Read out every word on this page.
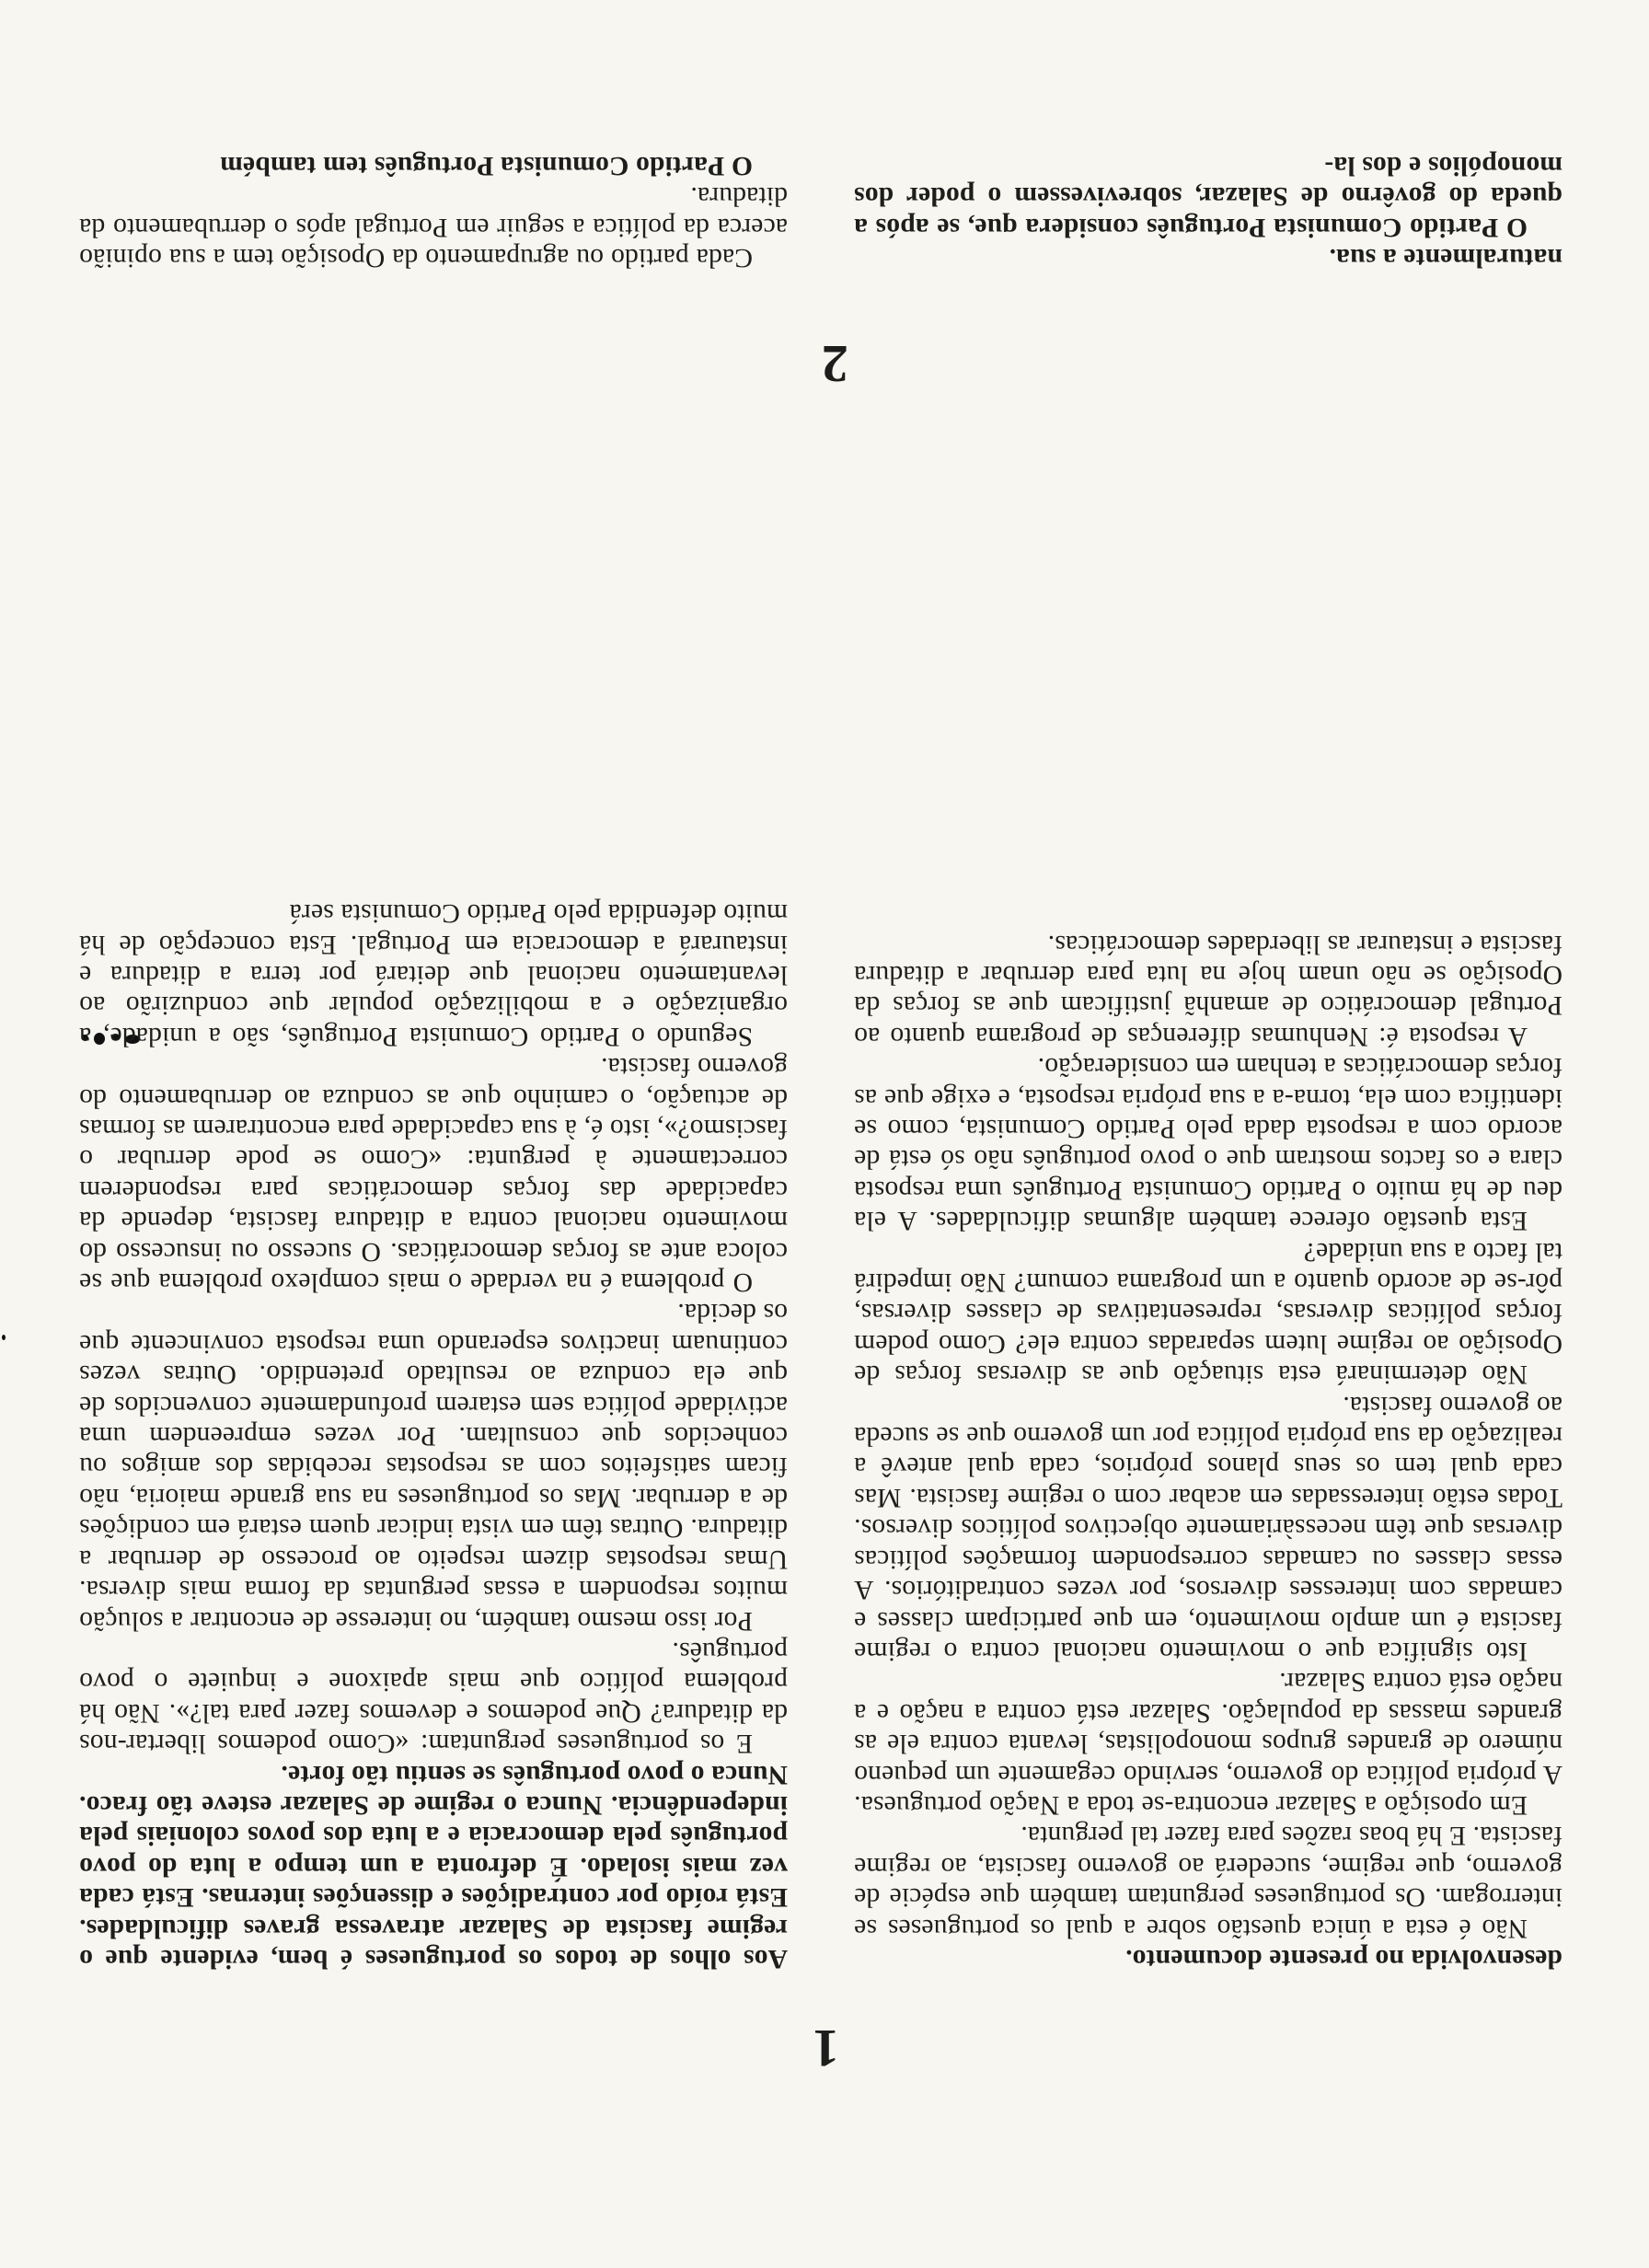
1

Aos olhos de todos os portugueses é bem, evidente que o regime fascista de Salazar atravessa graves dificuldades. Está roído por contradições e dissenções internas. Está cada vez mais isolado. É defronta a um tempo a luta do povo português pela democracia e a luta dos povos coloniais pela independência. Nunca o regime de Salazar esteve tão fraco. Nunca o povo português se sentiu tão forte.

E os portugueses perguntam: «Como podemos libertar-nos da ditadura? Que podemos e devemos fazer para tal?». Não há problema político que mais apaixone e inquiete o povo português.

Por isso mesmo também, no interesse de encontrar a solução muitos respondem a essas perguntas da forma mais diversa. Umas respostas dizem respeito ao processo de derrubar a ditadura. Outras têm em vista indicar quem estará em condições de a derrubar. Mas os portugueses na sua grande maioria, não ficam satisfeitos com as respostas recebidas dos amigos ou conhecidos que consultam. Por vezes empreendem uma actividade política sem estarem profundamente convencidos de que ela conduza ao resultado pretendido. Outras vezes continuam inactivos esperando uma resposta convincente que os decida.

O problema é na verdade o mais complexo problema que se coloca ante as forças democráticas. O sucesso ou insucesso do movimento nacional contra a ditadura fascista, depende da capacidade das forças democráticas para responderem correctamente à pergunta: «Como se pode derrubar o fascismo?», isto é, à sua capacidade para encontrarem as formas de actuação, o caminho que as conduza ao derrubamento do governo fascista.

Segundo o Partido Comunista Português, são a unidade, a organização e a mobilização popular que conduzirão ao levantamento nacional que deitará por terra a ditadura e instaurará a democracia em Portugal. Esta concepção de há muito defendida pelo Partido Comunista será

desenvolvida no presente documento.

Não é esta a única questão sobre a qual os portugueses se interrogam. Os portugueses perguntam também que espécie de governo, que regime, sucederá ao governo fascista, ao regime fascista. E há boas razões para fazer tal pergunta.

Em oposição a Salazar encontra-se toda a Nação portuguesa. A própria política do governo, servindo cegamente um pequeno número de grandes grupos monopolistas, levanta contra ele as grandes massas da população. Salazar está contra a nação e a nação está contra Salazar.

Isto significa que o movimento nacional contra o regime fascista é um amplo movimento, em que participam classes e camadas com interesses diversos, por vezes contraditórios. A essas classes ou camadas correspondem formações políticas diversas que têm necessàriamente objectivos políticos diversos. Todas estão interessadas em acabar com o regime fascista. Mas cada qual tem os seus planos próprios, cada qual antevê a realização da sua própria política por um governo que se suceda ao governo fascista.

Não determinará esta situação que as diversas forças de Oposição ao regime lutem separadas contra ele? Como podem forças políticas diversas, representativas de classes diversas, pôr-se de acordo quanto a um programa comum? Não impedirá tal facto a sua unidade?

Esta questão oferece também algumas dificuldades. A ela deu de há muito o Partido Comunista Português uma resposta clara e os factos mostram que o povo português não só está de acordo com a resposta dada pelo Partido Comunista, como se identifica com ela, torna-a a sua própria resposta, e exige que as forças democráticas a tenham em consideração.

A resposta é: Nenhumas diferenças de programa quanto ao Portugal democrático de amanhã justificam que as forças da Oposição se não unam hoje na luta para derrubar a ditadura fascista e instaurar as liberdades democráticas.

2

Cada partido ou agrupamento da Oposição tem a sua opinião acerca da política a seguir em Portugal após o derrubamento da ditadura.

O Partido Comunista Português tem também

naturalmente a sua.

O Partido Comunista Português considera que, se após a queda do govêrno de Salazar, sobrevivessem o poder dos monopólios e dos la-
